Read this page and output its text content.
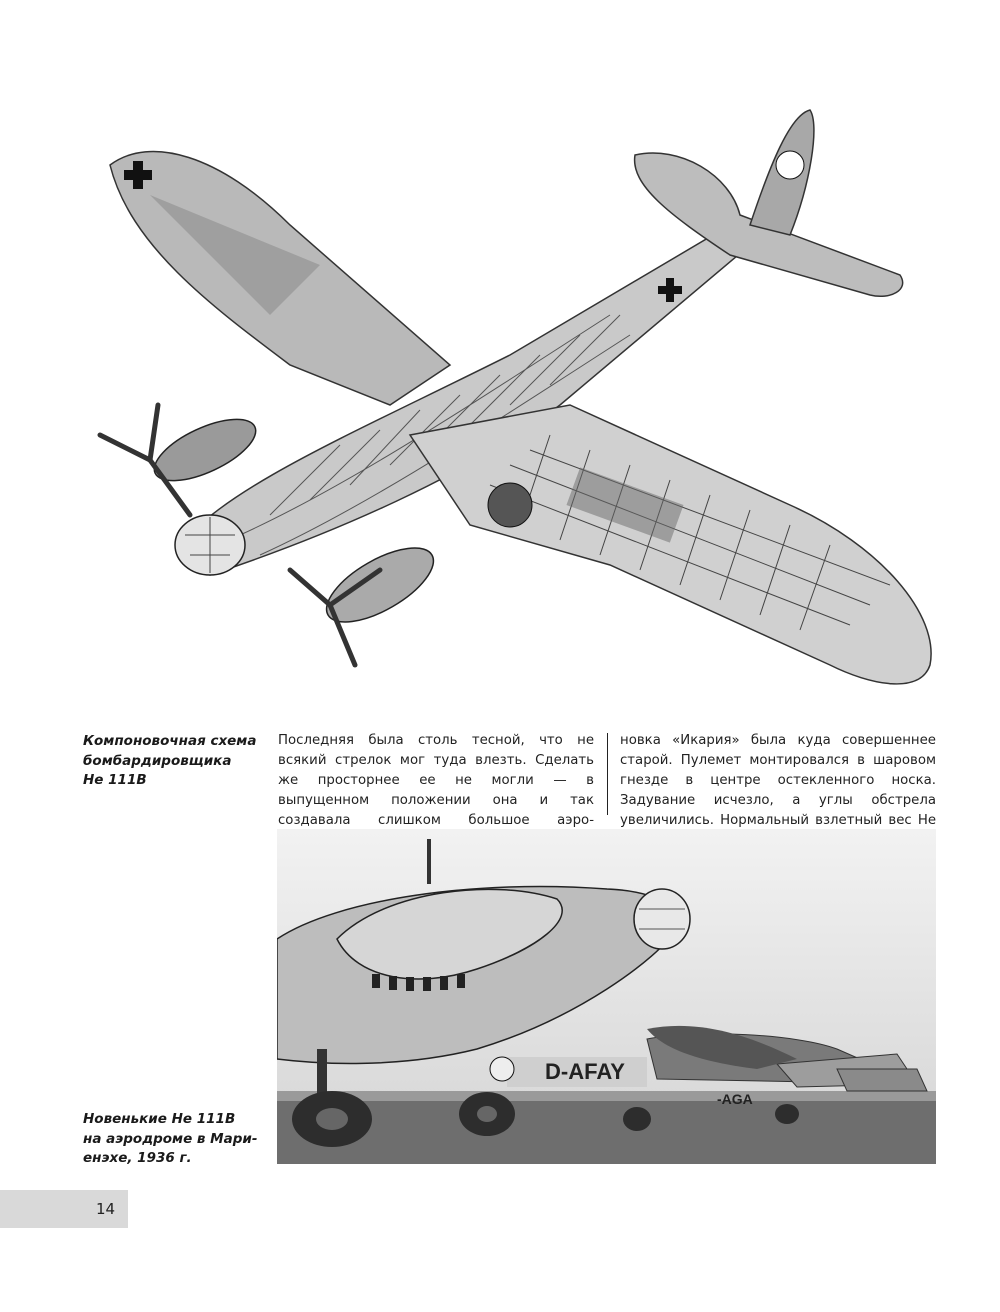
Компоновочная схема
бомбардировщика
He 111B
Последняя была столь тесной, что не всякий стрелок мог туда влезть. Сделать же просторнее ее не могли — в выпущенном положении она и так создавала слишком большое аэро
новка «Икария» была куда совершеннее старой. Пулемет монтировался в шаровом гнезде в центре остекленного носка. Задувание исчезло, а углы обстрела увеличились. Нормальный взлетный вес He
D-AFAY
-AGA
Новенькие He 111B
на аэродроме в Мари-
енэхе, 1936 г.
14
